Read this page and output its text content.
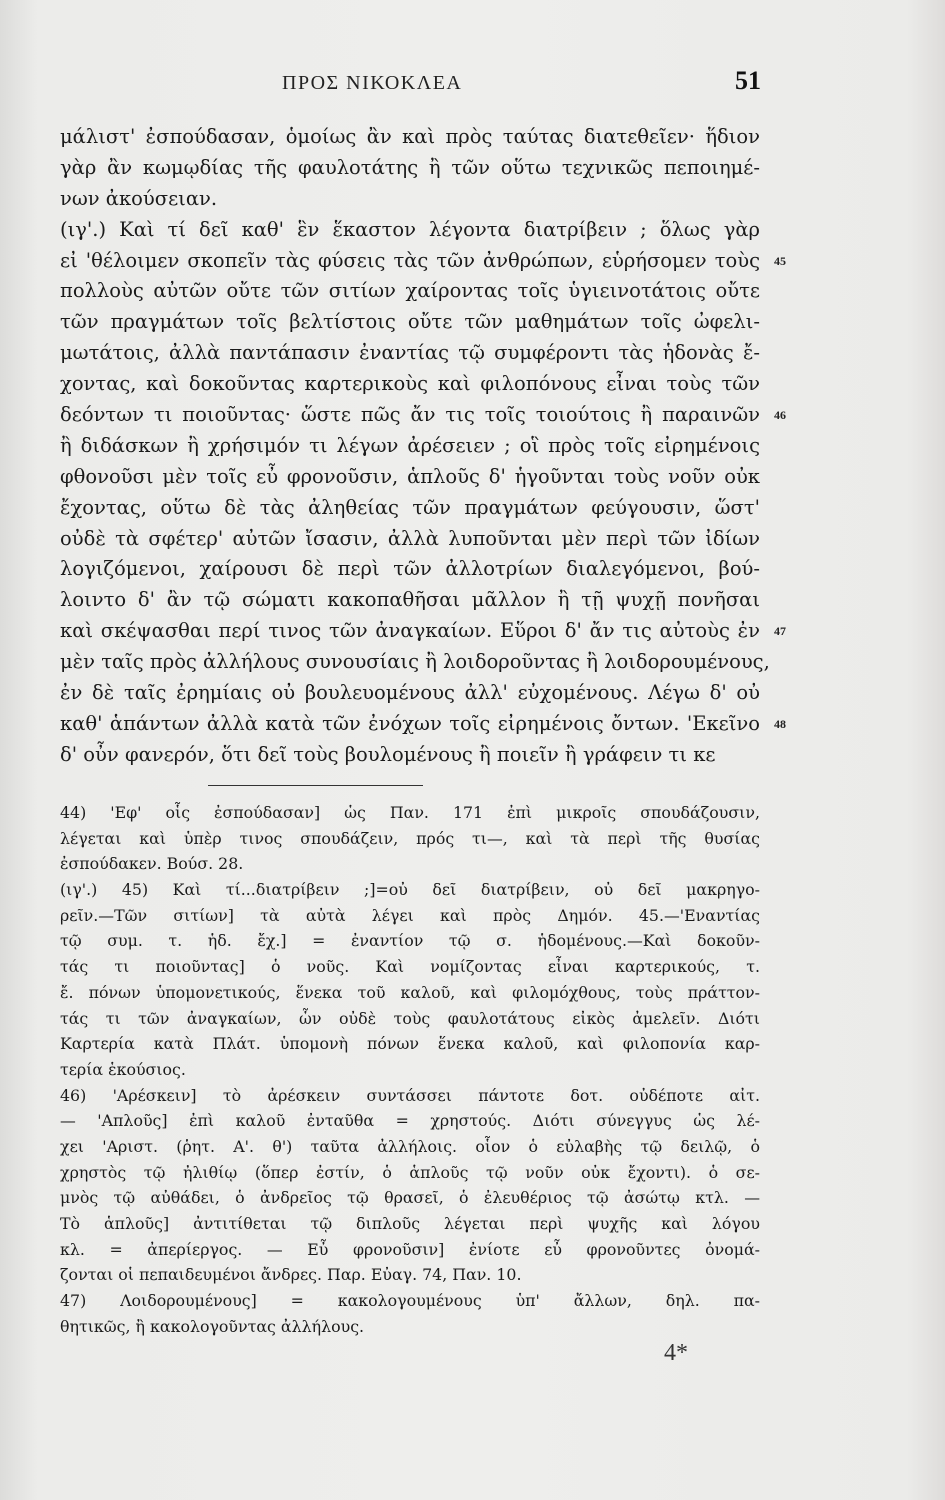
ΠΡΟΣ ΝΙΚΟΚΛΕΑ	51
μάλιστ' ἐσπούδασαν, ὁμοίως ἂν καὶ πρὸς ταύτας διατεθεῖεν· ἥδιον
γὰρ ἂν κωμῳδίας τῆς φαυλοτάτης ἢ τῶν οὕτω τεχνικῶς πεποιημέ-
νων ἀκούσειαν.
(ιγ'.) Καὶ τί δεῖ καθ' ἓν ἕκαστον λέγοντα διατρίβειν ; ὅλως γὰρ
εἰ 'θέλοιμεν σκοπεῖν τὰς φύσεις τὰς τῶν ἀνθρώπων, εὑρήσομεν τοὺς 45
πολλοὺς αὐτῶν οὔτε τῶν σιτίων χαίροντας τοῖς ὑγιεινοτάτοις οὔτε
τῶν πραγμάτων τοῖς βελτίστοις οὔτε τῶν μαθημάτων τοῖς ὠφελι-
μωτάτοις, ἀλλὰ παντάπασιν ἐναντίας τῷ συμφέροντι τὰς ἡδονὰς ἔ-
χοντας, καὶ δοκοῦντας καρτερικοὺς καὶ φιλοπόνους εἶναι τοὺς τῶν
δεόντων τι ποιοῦντας· ὥστε πῶς ἄν τις τοῖς τοιούτοις ἢ παραινῶν 46
ἢ διδάσκων ἢ χρήσιμόν τι λέγων ἀρέσειεν ; οἳ πρὸς τοῖς εἰρημένοις
φθονοῦσι μὲν τοῖς εὖ φρονοῦσιν, ἁπλοῦς δ' ἡγοῦνται τοὺς νοῦν οὐκ
ἔχοντας, οὕτω δὲ τὰς ἀληθείας τῶν πραγμάτων φεύγουσιν, ὥστ'
οὐδὲ τὰ σφέτερ' αὐτῶν ἴσασιν, ἀλλὰ λυποῦνται μὲν περὶ τῶν ἰδίων
λογιζόμενοι, χαίρουσι δὲ περὶ τῶν ἀλλοτρίων διαλεγόμενοι, βού-
λοιντο δ' ἂν τῷ σώματι κακοπαθῆσαι μᾶλλον ἢ τῇ ψυχῇ πονῆσαι
καὶ σκέψασθαι περί τινος τῶν ἀναγκαίων. Εὕροι δ' ἄν τις αὐτοὺς ἐν 47
μὲν ταῖς πρὸς ἀλλήλους συνουσίαις ἢ λοιδοροῦντας ἢ λοιδορουμένους,
ἐν δὲ ταῖς ἐρημίαις οὐ βουλευομένους ἀλλ' εὐχομένους. Λέγω δ' οὐ
καθ' ἁπάντων ἀλλὰ κατὰ τῶν ἐνόχων τοῖς εἰρημένοις ὄντων. 'Εκεῖνο 48
δ' οὖν φανερόν, ὅτι δεῖ τοὺς βουλομένους ἢ ποιεῖν ἢ γράφειν τι κε
44) 'Εφ' οἷς ἐσπούδασαν] ὡς Παν. 171 ἐπὶ μικροῖς σπουδάζουσιν,
λέγεται καὶ ὑπὲρ τινος σπουδάζειν, πρός τι—, καὶ τὰ περὶ τῆς θυσίας
ἐσπούδακεν. Βούσ. 28.
(ιγ'.) 45) Καὶ τί...διατρίβειν ;]=οὐ δεῖ διατρίβειν, οὐ δεῖ μακρηγο-
ρεῖν.—Τῶν σιτίων] τὰ αὐτὰ λέγει καὶ πρὸς Δημόν. 45.—'Εναντίας
τῷ συμ. τ. ἡδ. ἔχ.] = ἐναντίον τῷ σ. ἡδομένους.—Καὶ δοκοῦν-
τάς τι ποιοῦντας] ὁ νοῦς. Καὶ νομίζοντας εἶναι καρτερικούς, τ.
ἔ. πόνων ὑπομονετικούς, ἕνεκα τοῦ καλοῦ, καὶ φιλομόχθους, τοὺς πράττον-
τάς τι τῶν ἀναγκαίων, ὧν οὐδὲ τοὺς φαυλοτάτους εἰκὸς ἀμελεῖν. Διότι
Καρτερία κατὰ Πλάτ. ὑπομονὴ πόνων ἕνεκα καλοῦ, καὶ φιλοπονία καρ-
τερία ἑκούσιος.
46) 'Αρέσκειν] τὸ ἀρέσκειν συντάσσει πάντοτε δοτ. οὐδέποτε αἰτ.
— 'Απλοῦς] ἐπὶ καλοῦ ἐνταῦθα = χρηστούς. Διότι σύνεγγυς ὡς λέ-
χει 'Αριστ. (ῥητ. Α'. θ') ταῦτα ἀλλήλοις. οἷον ὁ εὐλαβὴς τῷ δειλῷ, ὁ
χρηστὸς τῷ ἠλιθίῳ (ὅπερ ἐστίν, ὁ ἁπλοῦς τῷ νοῦν οὐκ ἔχοντι). ὁ σε-
μνὸς τῷ αὐθάδει, ὁ ἀνδρεῖος τῷ θρασεῖ, ὁ ἐλευθέριος τῷ ἀσώτῳ κτλ. —
Τὸ ἁπλοῦς] ἀντιτίθεται τῷ διπλοῦς λέγεται περὶ ψυχῆς καὶ λόγου
κλ. = ἀπερίεργος. — Εὖ φρονοῦσιν] ἐνίοτε εὖ φρονοῦντες ὀνομά-
ζονται οἱ πεπαιδευμένοι ἄνδρες. Παρ. Εὐαγ. 74, Παν. 10.
47) Λοιδορουμένους] = κακολογουμένους ὑπ' ἄλλων, δηλ. πα-
θητικῶς, ἢ κακολογοῦντας ἀλλήλους.
4*
